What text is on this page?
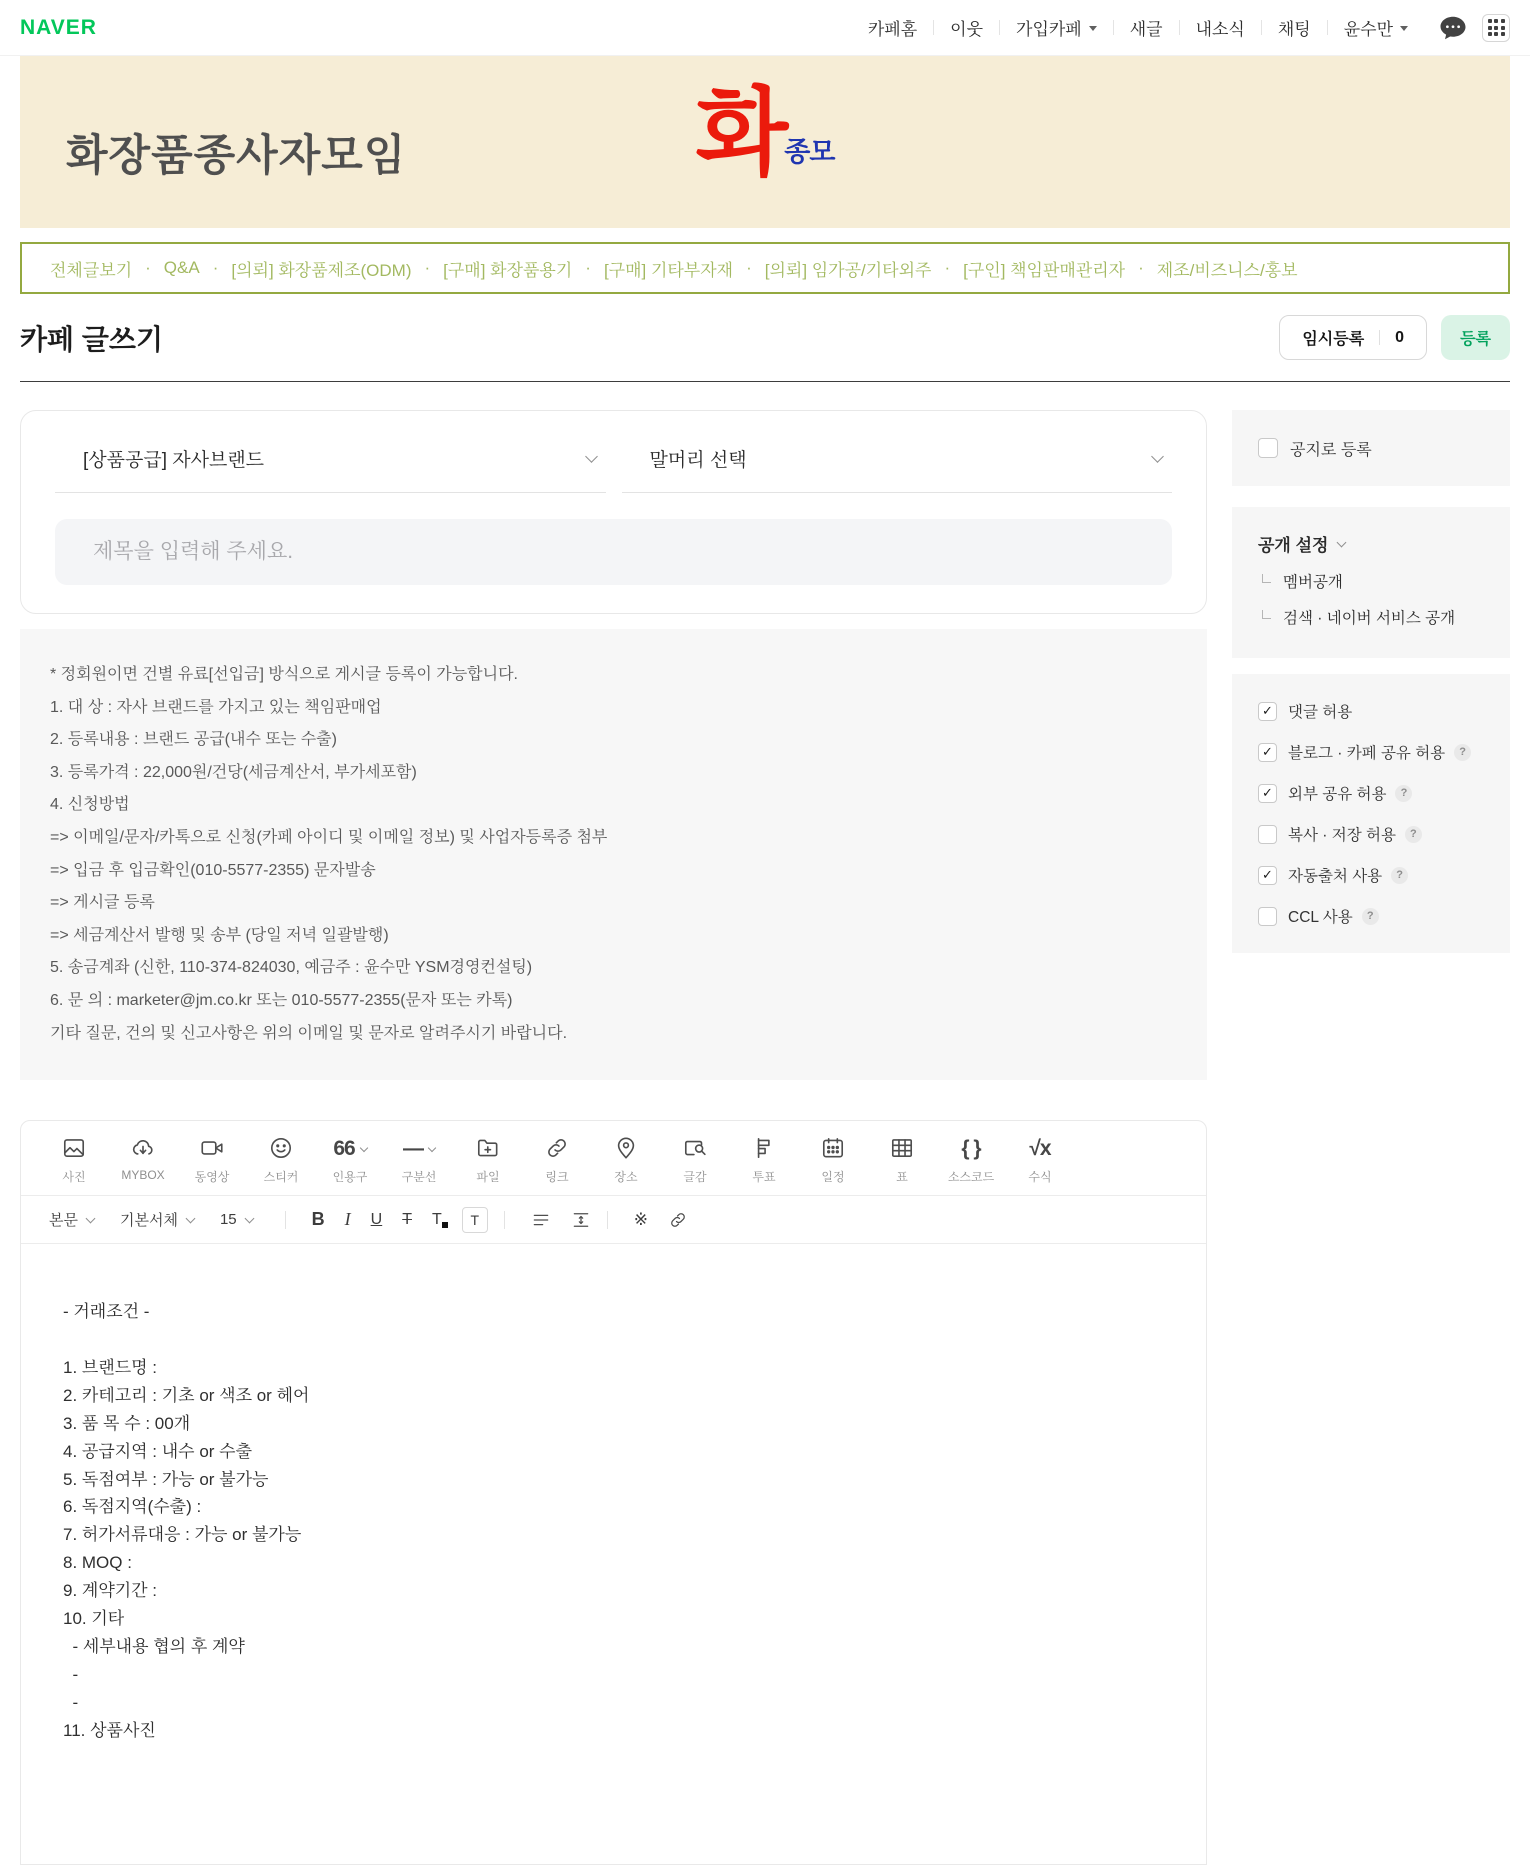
NAVER	카페홈 이웃 가입카페	새글 내소식 채팅 윤수만
화장품종사자모임	화 종모
전체글보기 · Q&A · [의뢰] 화장품제조(ODM) · [구매] 화장품용기 · [구매] 기타부자재 · [의뢰] 임가공/기타외주 · [구인] 책임판매관리자 · 제조/비즈니스/홍보
카페 글쓰기	임시등록 0	등록
[상품공급] 자사브랜드	말머리 선택
제목을 입력해 주세요.
* 정회원이면 건별 유료[선입금] 방식으로 게시글 등록이 가능합니다.
1. 대 상 : 자사 브랜드를 가지고 있는 책임판매업
2. 등록내용 : 브랜드 공급(내수 또는 수출)
3. 등록가격 : 22,000원/건당(세금계산서, 부가세포함)
4. 신청방법
=> 이메일/문자/카톡으로 신청(카페 아이디 및 이메일 정보) 및 사업자등록증 첨부
=> 입금 후 입금확인(010-5577-2355) 문자발송
=> 게시글 등록
=> 세금계산서 발행 및 송부 (당일 저녁 일괄발행)
5. 송금계좌 (신한, 110-374-824030, 예금주 : 윤수만 YSM경영컨설팅)
6. 문 의 : marketer@jm.co.kr 또는 010-5577-2355(문자 또는 카톡)
기타 질문, 건의 및 신고사항은 위의 이메일 및 문자로 알려주시기 바랍니다.
사진	MYBOX 동영상	스티커
66
인용구
—
구분선	파일	링크	장소	글감	투표	일정	표
{ }
소스코드
√x
수식
본문	기본서체	15	B I U T T	T	※
- 거래조건 -
1. 브랜드명 :
2. 카테고리 : 기초 or 색조 or 헤어
3. 품 목 수 : 00개
4. 공급지역 : 내수 or 수출
5. 독점여부 : 가능 or 불가능
6. 독점지역(수출) :
7. 허가서류대응 : 가능 or 불가능
8. MOQ :
9. 계약기간 :
10. 기타
- 세부내용 협의 후 계약
-
-
11. 상품사진
공지로 등록
공개 설정
멤버공개
검색 · 네이버 서비스 공개
✓ 댓글 허용
✓ 블로그 · 카페 공유 허용	?
✓ 외부 공유 허용	?
복사 · 저장 허용	?
✓ 자동출처 사용	?
CCL 사용	?
